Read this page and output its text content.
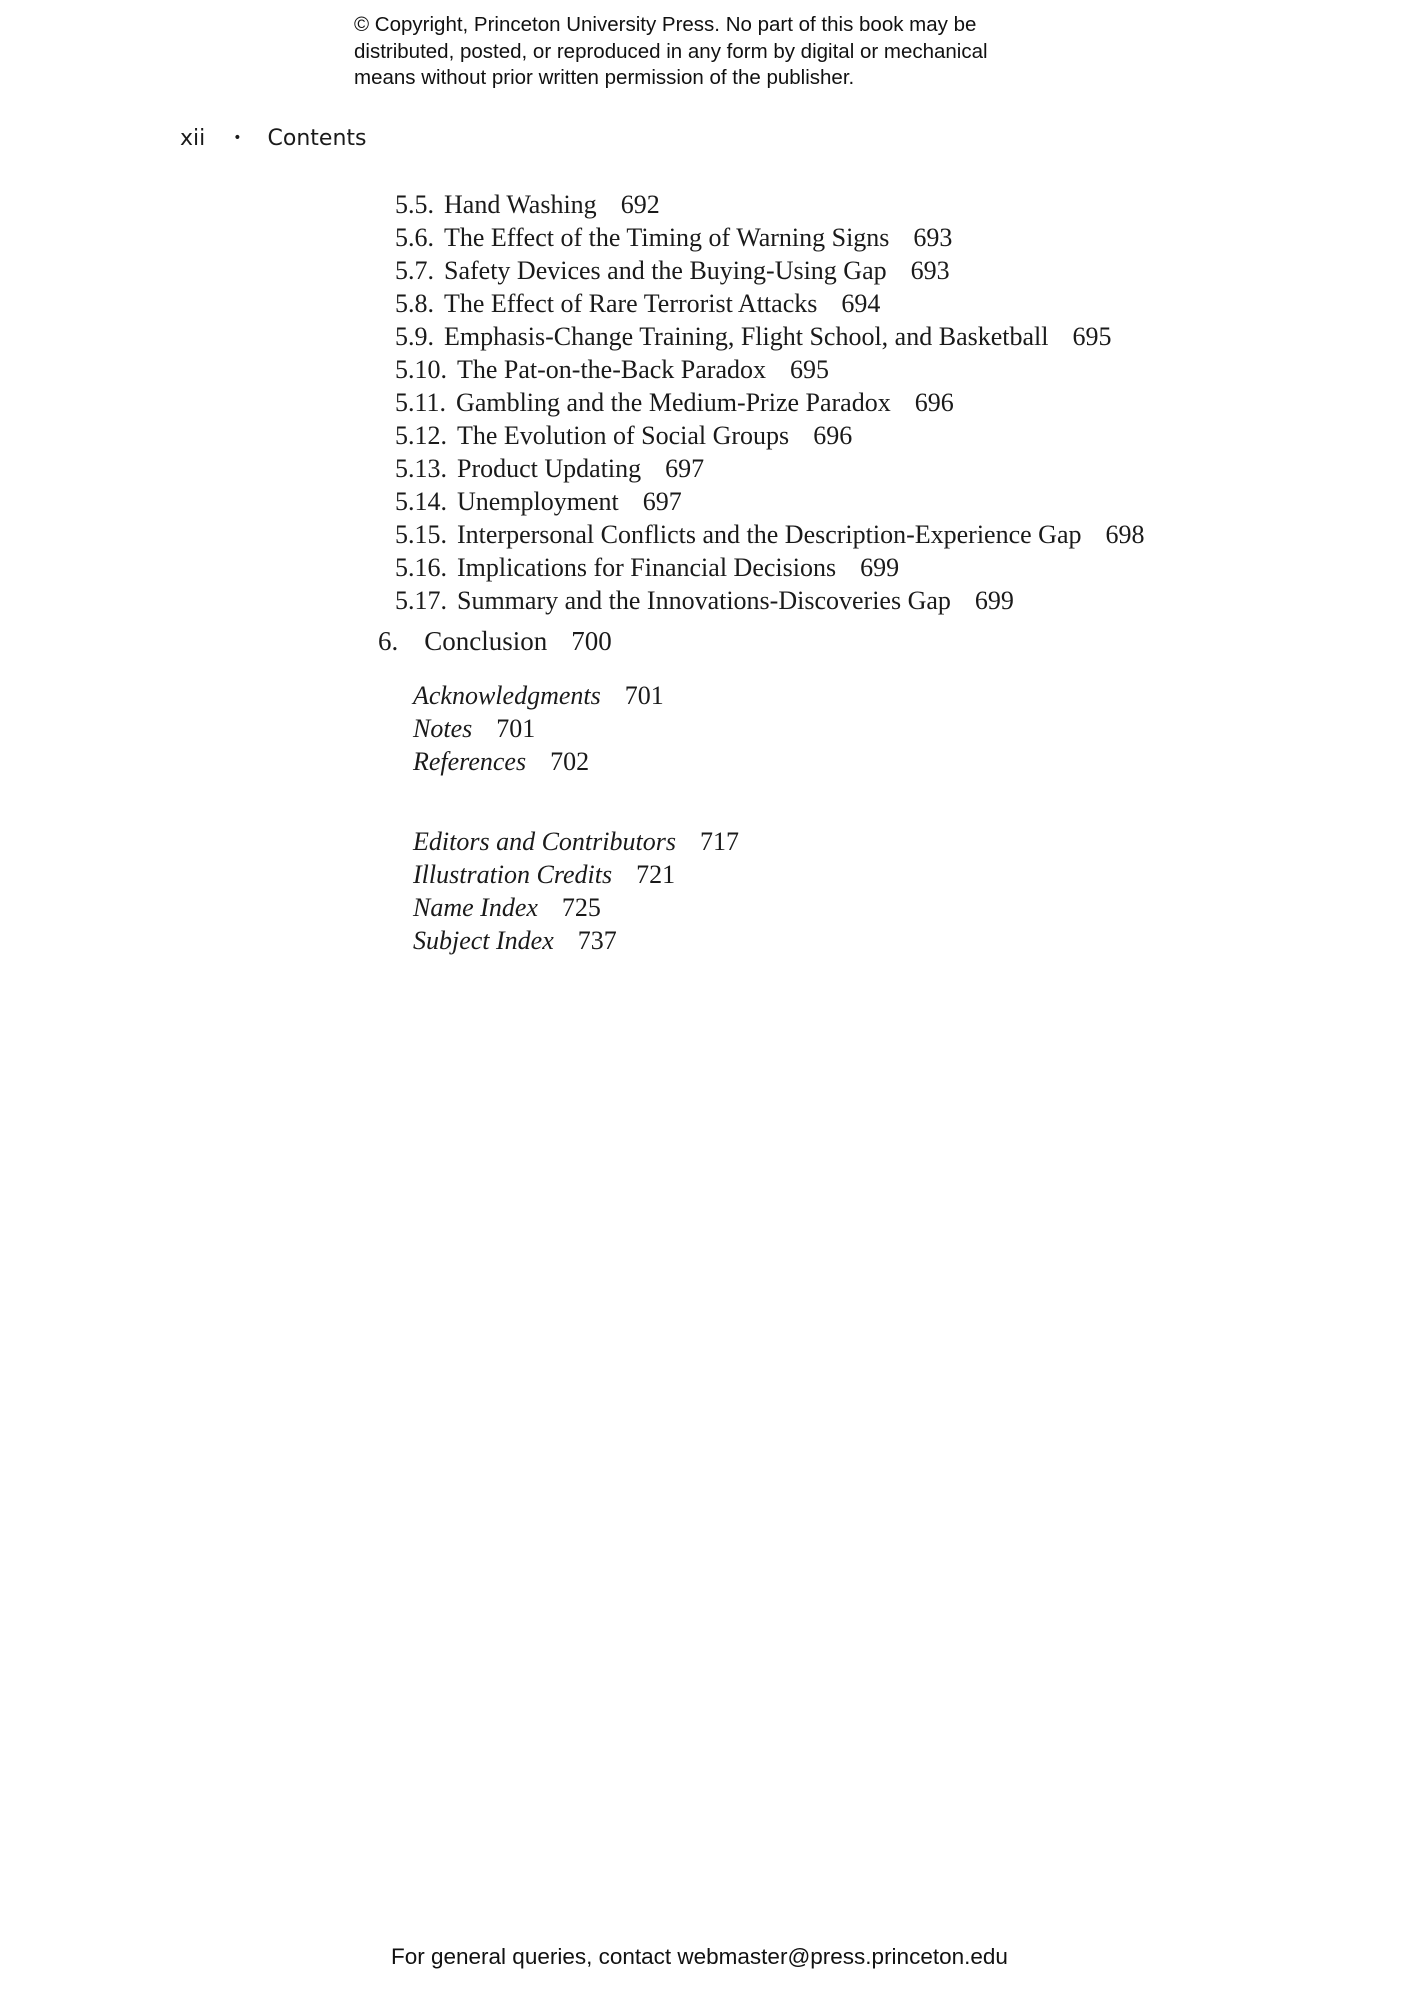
© Copyright, Princeton University Press. No part of this book may be
distributed, posted, or reproduced in any form by digital or mechanical
means without prior written permission of the publisher.
xii • Contents
5.5. Hand Washing 692
5.6. The Effect of the Timing of Warning Signs 693
5.7. Safety Devices and the Buying-Using Gap 693
5.8. The Effect of Rare Terrorist Attacks 694
5.9. Emphasis-Change Training, Flight School, and Basketball 695
5.10. The Pat-on-the-Back Paradox 695
5.11. Gambling and the Medium-Prize Paradox 696
5.12. The Evolution of Social Groups 696
5.13. Product Updating 697
5.14. Unemployment 697
5.15. Interpersonal Conflicts and the Description-Experience Gap 698
5.16. Implications for Financial Decisions 699
5.17. Summary and the Innovations-Discoveries Gap 699
6. Conclusion 700
Acknowledgments 701
Notes 701
References 702
Editors and Contributors 717
Illustration Credits 721
Name Index 725
Subject Index 737
For general queries, contact webmaster@press.princeton.edu
